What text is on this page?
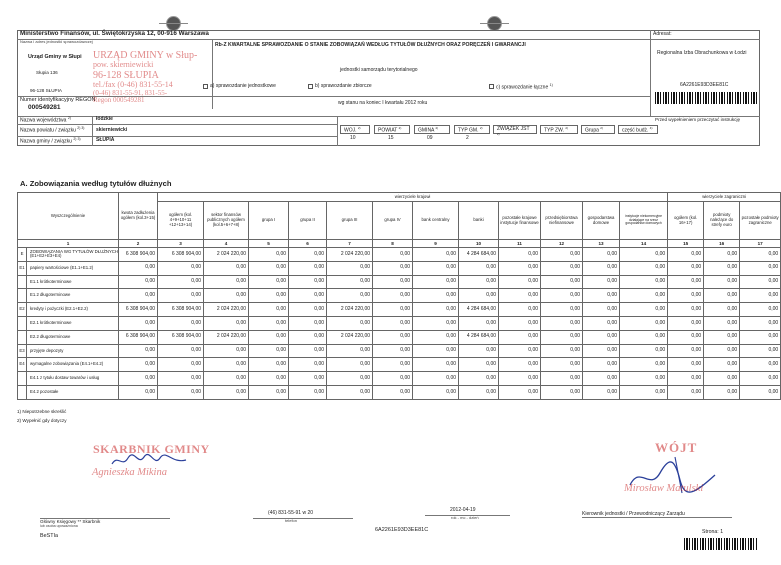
Ministerstwo Finansów, ul. Świętokrzyska 12, 00-916 Warszawa
Nazwa i adres jednostki sprawozdawczej
Urząd Gminy w Słupi
Słupia 136
96-128 SŁUPIA
Numer identyfikacyjny REGON
000549281
URZĄD GMINY w Słup-
pow. skierniewicki
96-128 SŁUPIA
tel./fax (0-46) 831-55-14
(0-46) 831-55-91, 831-55-
Regon 000549281
Rb-Z KWARTALNE SPRAWOZDANIE O STANIE ZOBOWIĄZAŃ WEDŁUG TYTUŁÓW DŁUŻNYCH ORAZ PORĘCZEŃ I GWARANCJI
jednostki samorządu terytorialnego
a) sprawozdanie jednostkowe	b) sprawozdanie zbiorcze	c) sprawozdanie łączne $^{1)}$
wg stanu na koniec I kwartału 2012 roku
Adresat:
Regionalna Izba Obrachunkowa w Łodzi
6A2261E93D3EE81C
Przed wypełnieniem przeczytać instrukcję
Nazwa województwa $^{2)}$	łódzkie
Nazwa powiatu / związku $^{2) 3)}$ skierniewicki
Nazwa gminy / związku $^{2) 3)}$	SŁUPIA
WOJ. $^{2)}$
10
POWIAT $^{2)}$
15
GMINA $^{2)}$
09
TYP GM. $^{2)}$
2
ZWIĄZEK JST $^{2)}$	TYP ZW. $^{2)}$	Grupa $^{2)}$	część budż. $^{4)}$
A. Zobowiązania według tytułów dłużnych
Wyszczególnienie		kwota zadłużenia ogółem (kol.3+15)	wierzyciele krajowi												wierzyciele zagraniczni		
			ogółem (kol. 4+9+10+11 +12+13+14)	sektor finansów publicznych ogółem (kol.5+6+7+8)	grupa I	grupa II	grupa III	grupa IV	bank centralny	banki	pozostałe krajowe instytucje finansowe	przedsiębiorstwa niefinansowe	gospodarstwa domowe	instytucje niekomercyjne działające na rzecz gospodarstw domowych	ogółem (kol. 16+17)	podmioty należące do strefy euro	pozostałe podmioty zagraniczne
1		2	3	4	5	6	7	8	9	10	11	12	13	14	15	16	17
E	ZOBOWIĄZANIA WG TYTUŁÓW DŁUŻNYCH (E1+E2+E3+E4)	6 308 904,00	6 308 904,00	2 024 220,00	0,00	0,00	2 024 220,00	0,00	0,00	4 284 684,00	0,00	0,00	0,00	0,00	0,00	0,00	0,00
E1	papiery wartościowe (E1.1+E1.2)	0,00	0,00	0,00	0,00	0,00	0,00	0,00	0,00	0,00	0,00	0,00	0,00	0,00	0,00	0,00	0,00
	E1.1 krótkoterminowe	0,00	0,00	0,00	0,00	0,00	0,00	0,00	0,00	0,00	0,00	0,00	0,00	0,00	0,00	0,00	0,00
	E1.2 długoterminowe	0,00	0,00	0,00	0,00	0,00	0,00	0,00	0,00	0,00	0,00	0,00	0,00	0,00	0,00	0,00	0,00
E2	kredyty i pożyczki (E2.1+E2.2)	6 308 904,00	6 308 904,00	2 024 220,00	0,00	0,00	2 024 220,00	0,00	0,00	4 284 684,00	0,00	0,00	0,00	0,00	0,00	0,00	0,00
	E2.1 krótkoterminowe	0,00	0,00	0,00	0,00	0,00	0,00	0,00	0,00	0,00	0,00	0,00	0,00	0,00	0,00	0,00	0,00
	E2.2 długoterminowe	6 308 904,00	6 308 904,00	2 024 220,00	0,00	0,00	2 024 220,00	0,00	0,00	4 284 684,00	0,00	0,00	0,00	0,00	0,00	0,00	0,00
E3	przyjęte depozyty	0,00	0,00	0,00	0,00	0,00	0,00	0,00	0,00	0,00	0,00	0,00	0,00	0,00	0,00	0,00	0,00
E4	wymagalne zobowiązania (E4.1+E4.2)	0,00	0,00	0,00	0,00	0,00	0,00	0,00	0,00	0,00	0,00	0,00	0,00	0,00	0,00	0,00	0,00
	E4.1 z tytułu dostaw towarów i usług	0,00	0,00	0,00	0,00	0,00	0,00	0,00	0,00	0,00	0,00	0,00	0,00	0,00	0,00	0,00	0,00
	E4.2 pozostałe	0,00	0,00	0,00	0,00	0,00	0,00	0,00	0,00	0,00	0,00	0,00	0,00	0,00	0,00	0,00	0,00
1) Niepotrzebne skreślić
2) Wypełnić gdy dotyczy
SKARBNIK GMINY
Agnieszka Mikina
Główny Księgowy ** Skarbnik
lub osoba upoważniona
BeSTIa
(46) 831-55-91 w 20
telefon
2012-04-19
rok - mc - dzień
6A2261E93D3EE81C
WÓJT
Mirosław Matulski
Kierownik jednostki / Przewodniczący Zarządu
Strona: 1
